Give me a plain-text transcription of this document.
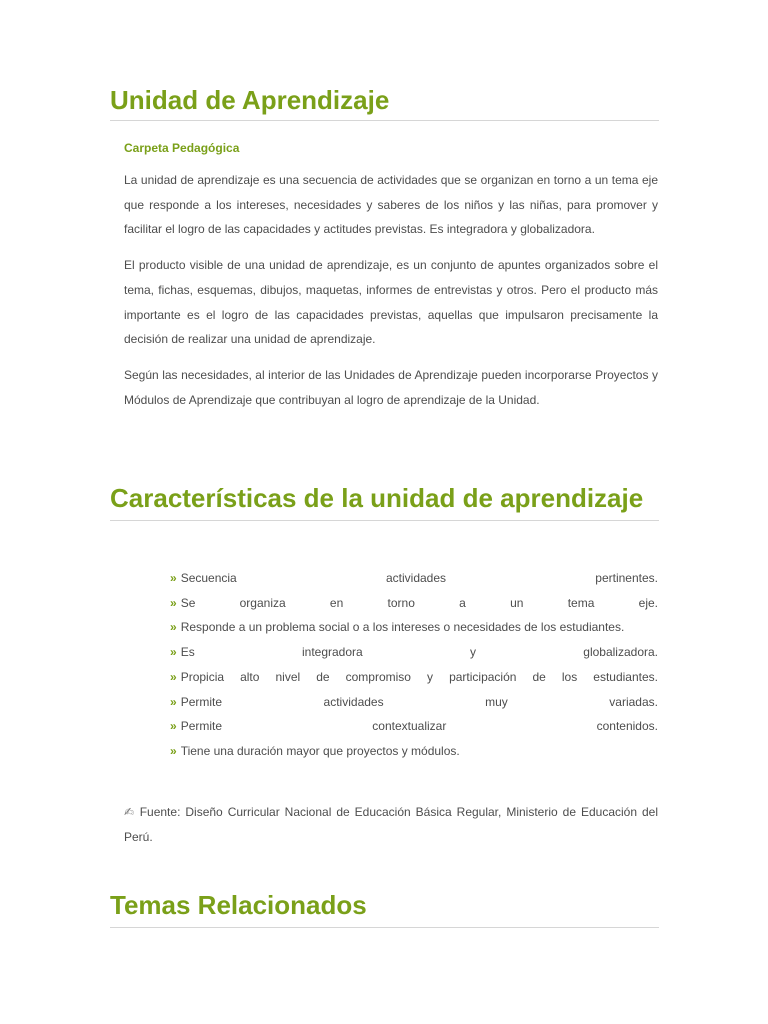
Unidad de Aprendizaje
Carpeta Pedagógica

La unidad de aprendizaje es una secuencia de actividades que se organizan en torno a un tema eje que responde a los intereses, necesidades y saberes de los niños y las niñas, para promover y facilitar el logro de las capacidades y actitudes previstas. Es integradora y globalizadora.

El producto visible de una unidad de aprendizaje, es un conjunto de apuntes organizados sobre el tema, fichas, esquemas, dibujos, maquetas, informes de entrevistas y otros. Pero el producto más importante es el logro de las capacidades previstas, aquellas que impulsaron precisamente la decisión de realizar una unidad de aprendizaje.

Según las necesidades, al interior de las Unidades de Aprendizaje pueden incorporarse Proyectos y Módulos de Aprendizaje que contribuyan al logro de aprendizaje de la Unidad.

Características de la unidad de aprendizaje
» Secuencia actividades pertinentes.
» Se organiza en torno a un tema eje.
» Responde a un problema social o a los intereses o necesidades de los estudiantes.
» Es integradora y globalizadora.
» Propicia alto nivel de compromiso y participación de los estudiantes.
» Permite actividades muy variadas.
» Permite contextualizar contenidos.
» Tiene una duración mayor que proyectos y módulos.

✍ Fuente: Diseño Curricular Nacional de Educación Básica Regular, Ministerio de Educación del Perú.

Temas Relacionados
